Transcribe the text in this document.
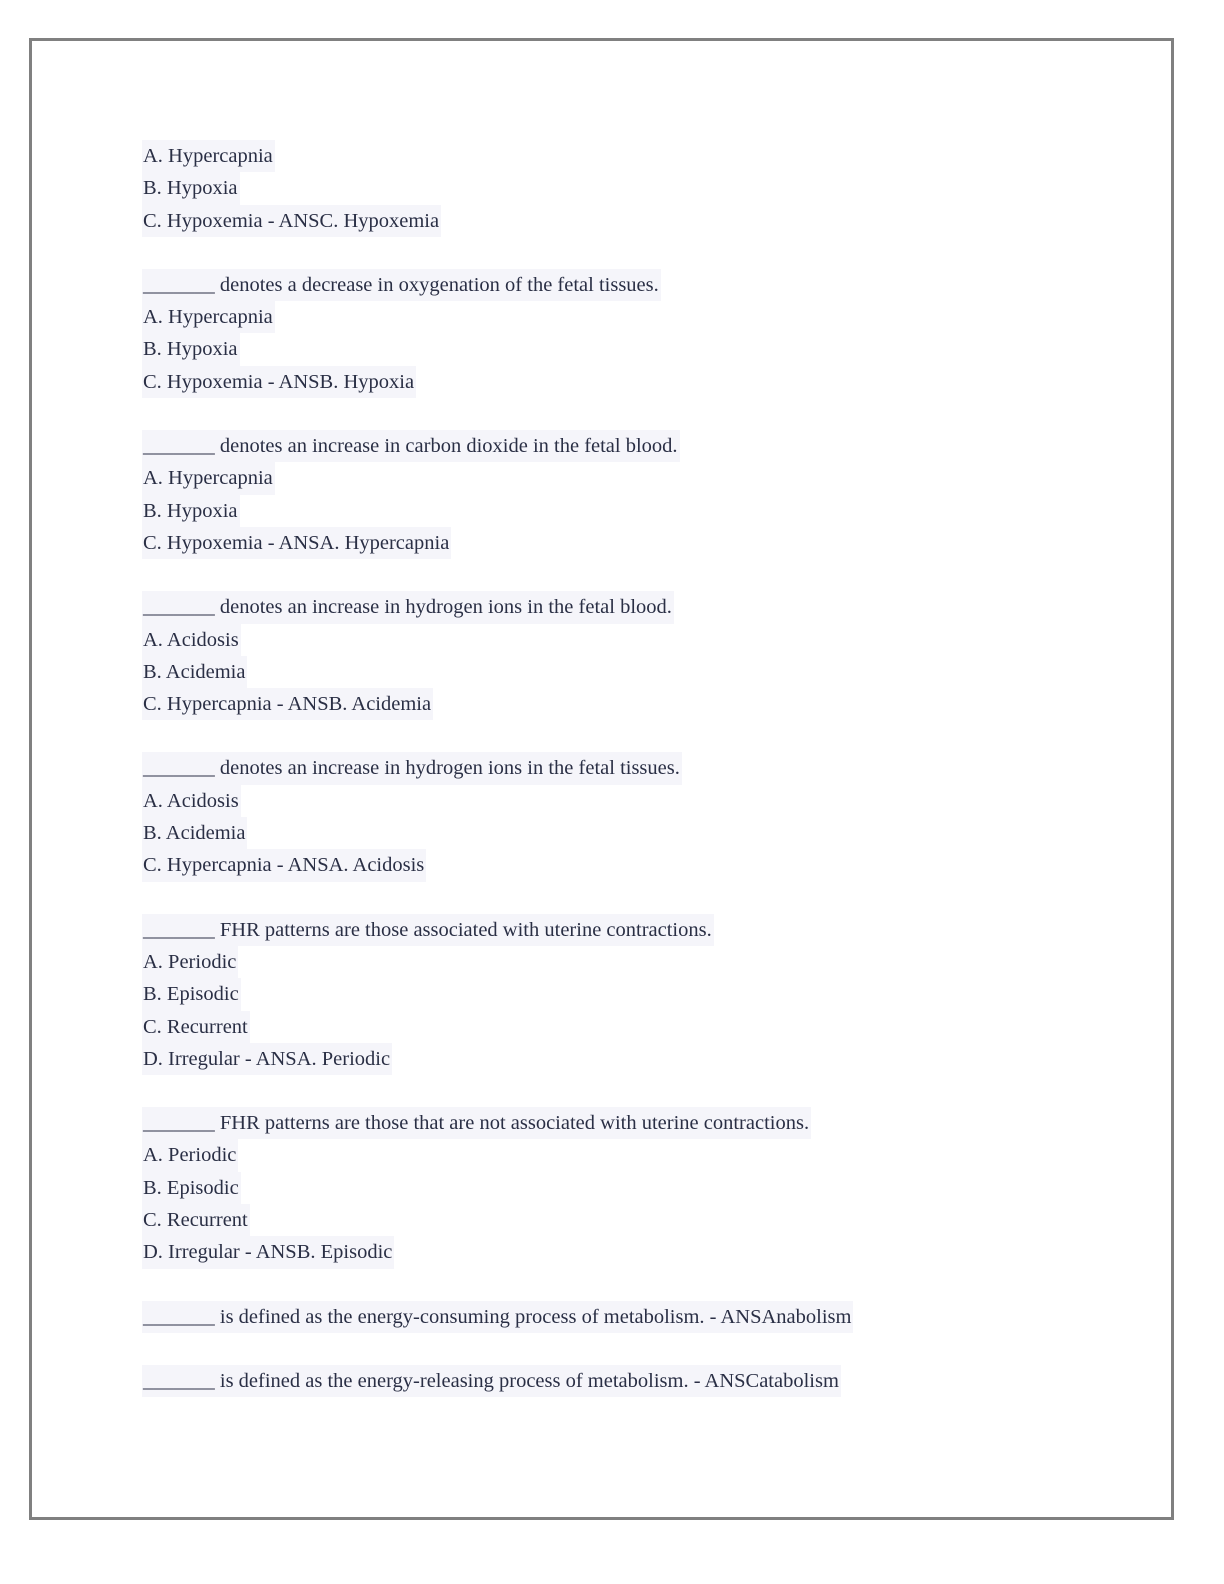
A. Hypercapnia
B. Hypoxia
C. Hypoxemia - ANSC. Hypoxemia
_______ denotes a decrease in oxygenation of the fetal tissues.
A. Hypercapnia
B. Hypoxia
C. Hypoxemia - ANSB. Hypoxia
_______ denotes an increase in carbon dioxide in the fetal blood.
A. Hypercapnia
B. Hypoxia
C. Hypoxemia - ANSA. Hypercapnia
_______ denotes an increase in hydrogen ions in the fetal blood.
A. Acidosis
B. Acidemia
C. Hypercapnia - ANSB. Acidemia
_______ denotes an increase in hydrogen ions in the fetal tissues.
A. Acidosis
B. Acidemia
C. Hypercapnia - ANSA. Acidosis
_______ FHR patterns are those associated with uterine contractions.
A. Periodic
B. Episodic
C. Recurrent
D. Irregular - ANSA. Periodic
_______ FHR patterns are those that are not associated with uterine contractions.
A. Periodic
B. Episodic
C. Recurrent
D. Irregular - ANSB. Episodic
_______ is defined as the energy-consuming process of metabolism. - ANSAnabolism
_______ is defined as the energy-releasing process of metabolism. - ANSCatabolism
